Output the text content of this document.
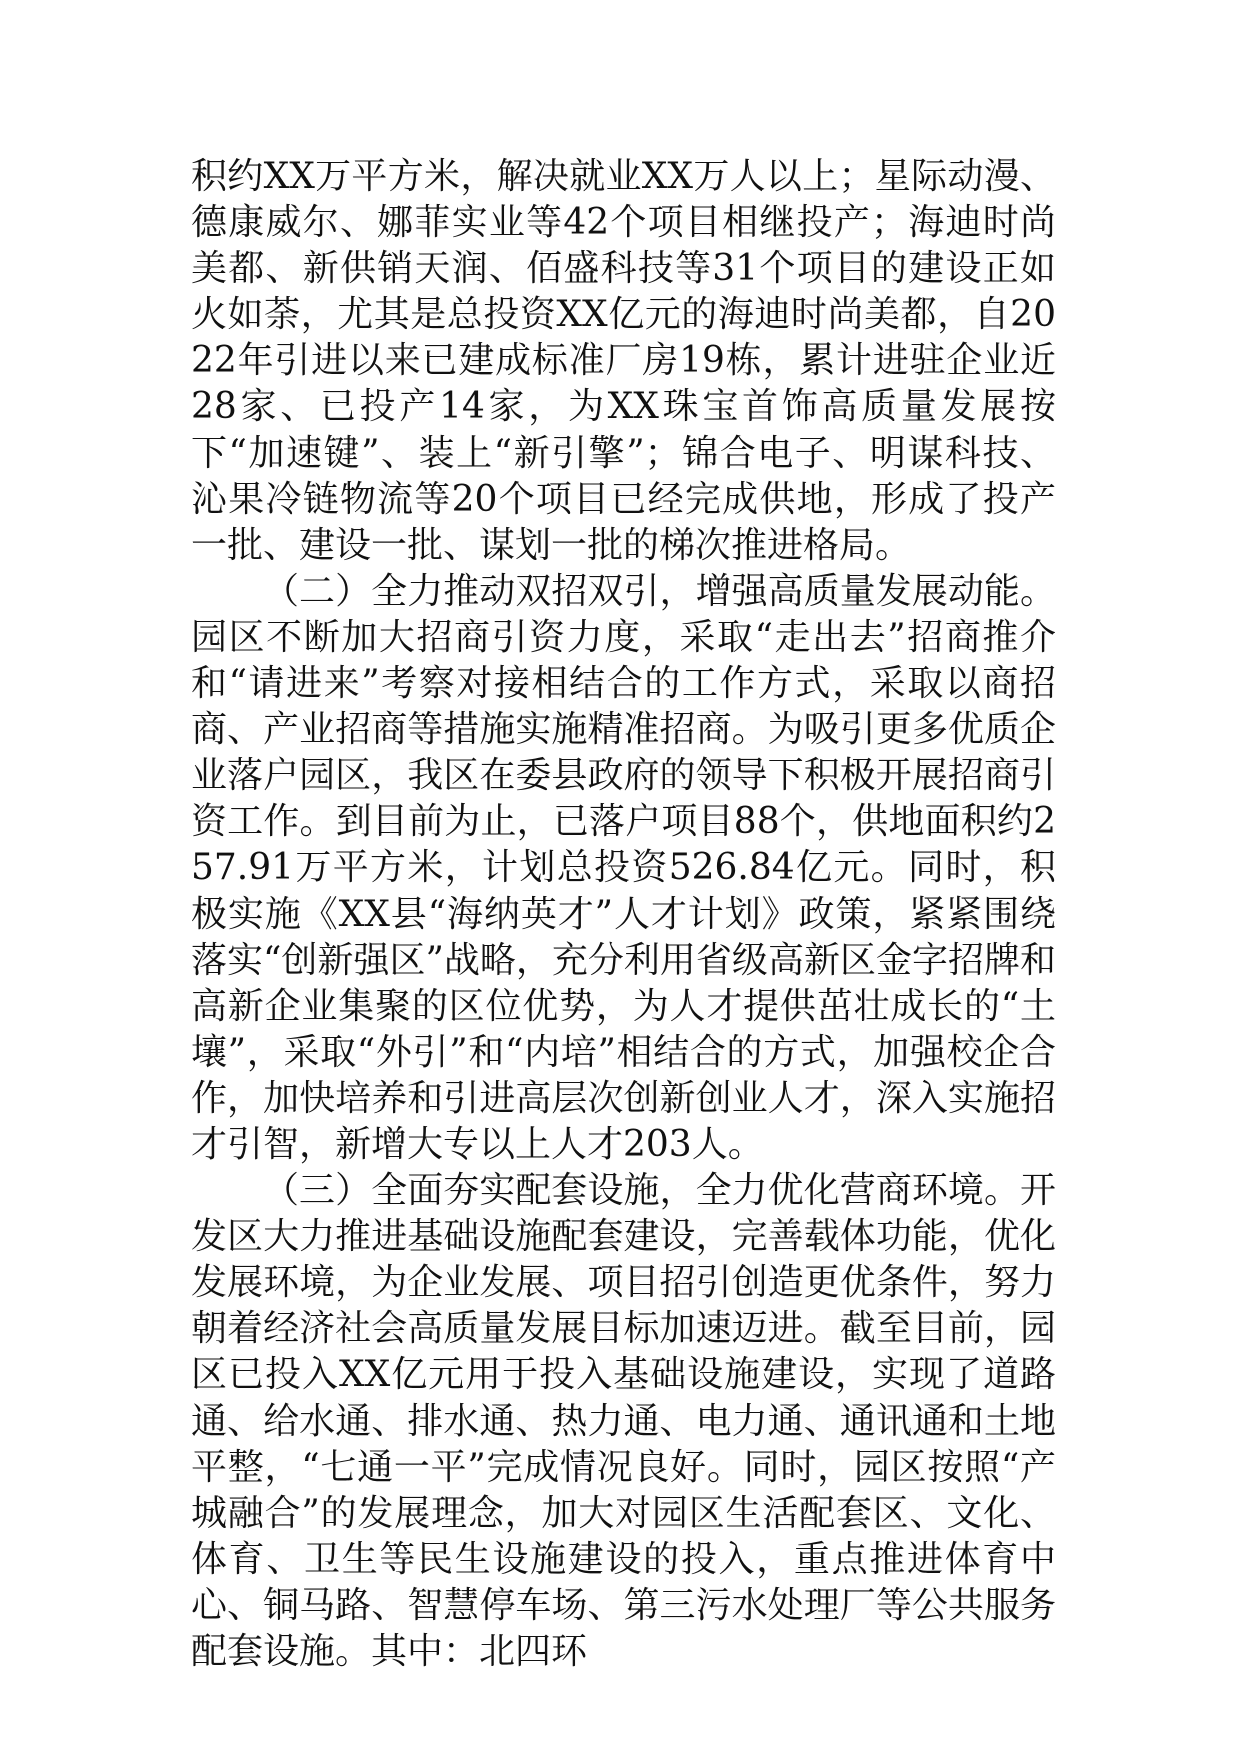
积约XX万平方米，解决就业XX万人以上；星际动漫、德康威尔、娜菲实业等42个项目相继投产；海迪时尚美都、新供销天润、佰盛科技等31个项目的建设正如火如荼，尤其是总投资XX亿元的海迪时尚美都，自2022年引进以来已建成标准厂房19栋，累计进驻企业近28家、已投产14家，为XX珠宝首饰高质量发展按下“加速键”、装上“新引擎”；锦合电子、明谋科技、沁果冷链物流等20个项目已经完成供地，形成了投产一批、建设一批、谋划一批的梯次推进格局。

（二）全力推动双招双引，增强高质量发展动能。园区不断加大招商引资力度，采取“走出去”招商推介和“请进来”考察对接相结合的工作方式，采取以商招商、产业招商等措施实施精准招商。为吸引更多优质企业落户园区，我区在委县政府的领导下积极开展招商引资工作。到目前为止，已落户项目88个，供地面积约257.91万平方米，计划总投资526.84亿元。同时，积极实施《XX县“海纳英才”人才计划》政策，紧紧围绕落实“创新强区”战略，充分利用省级高新区金字招牌和高新企业集聚的区位优势，为人才提供茁壮成长的“土壤”，采取“外引”和“内培”相结合的方式，加强校企合作，加快培养和引进高层次创新创业人才，深入实施招才引智，新增大专以上人才203人。

（三）全面夯实配套设施，全力优化营商环境。开发区大力推进基础设施配套建设，完善载体功能，优化发展环境，为企业发展、项目招引创造更优条件，努力朝着经济社会高质量发展目标加速迈进。截至目前，园区已投入XX亿元用于投入基础设施建设，实现了道路通、给水通、排水通、热力通、电力通、通讯通和土地平整，“七通一平”完成情况良好。同时，园区按照“产城融合”的发展理念，加大对园区生活配套区、文化、体育、卫生等民生设施建设的投入，重点推进体育中心、铜马路、智慧停车场、第三污水处理厂等公共服务配套设施。其中：北四环
